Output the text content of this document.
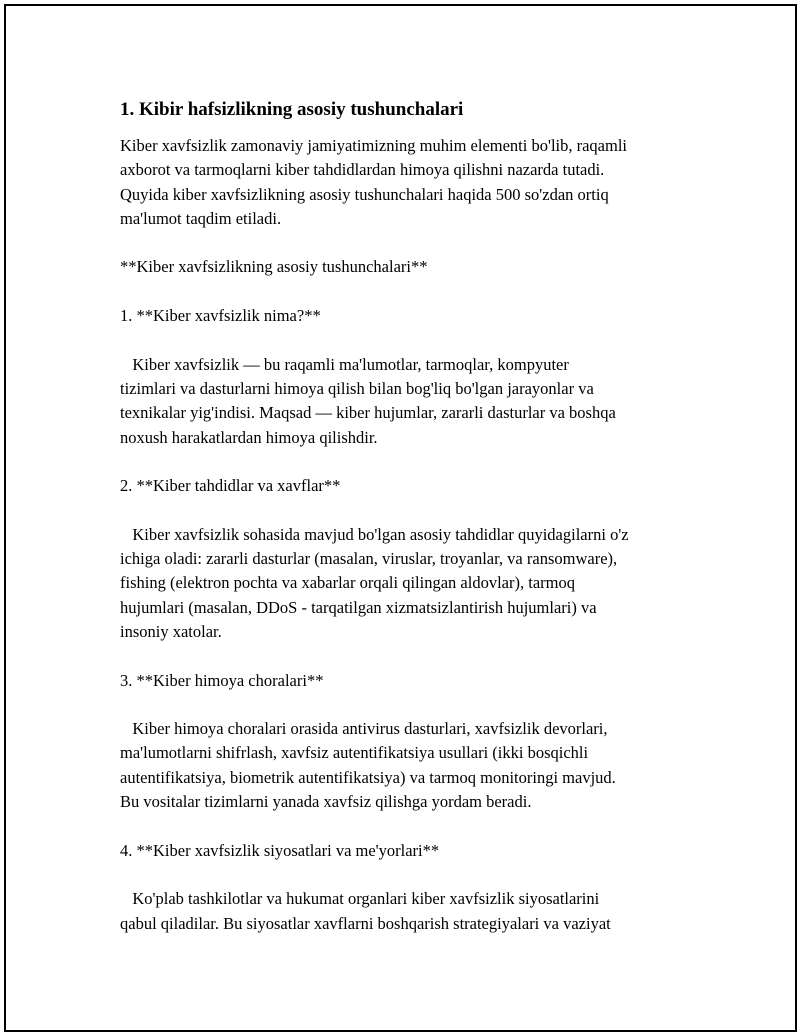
1. Kibir hafsizlikning asosiy tushunchalari
Kiber xavfsizlik zamonaviy jamiyatimizning muhim elementi bo'lib, raqamli
axborot va tarmoqlarni kiber tahdidlardan himoya qilishni nazarda tutadi.
Quyida kiber xavfsizlikning asosiy tushunchalari haqida 500 so'zdan ortiq
ma'lumot taqdim etiladi.
**Kiber xavfsizlikning asosiy tushunchalari**
1. **Kiber xavfsizlik nima?**
Kiber xavfsizlik — bu raqamli ma'lumotlar, tarmoqlar, kompyuter
tizimlari va dasturlarni himoya qilish bilan bog'liq bo'lgan jarayonlar va
texnikalar yig'indisi. Maqsad — kiber hujumlar, zararli dasturlar va boshqa
noxush harakatlardan himoya qilishdir.
2. **Kiber tahdidlar va xavflar**
Kiber xavfsizlik sohasida mavjud bo'lgan asosiy tahdidlar quyidagilarni o'z
ichiga oladi: zararli dasturlar (masalan, viruslar, troyanlar, va ransomware),
fishing (elektron pochta va xabarlar orqali qilingan aldovlar), tarmoq
hujumlari (masalan, DDoS - tarqatilgan xizmatsizlantirish hujumlari) va
insoniy xatolar.
3. **Kiber himoya choralari**
Kiber himoya choralari orasida antivirus dasturlari, xavfsizlik devorlari,
ma'lumotlarni shifrlash, xavfsiz autentifikatsiya usullari (ikki bosqichli
autentifikatsiya, biometrik autentifikatsiya) va tarmoq monitoringi mavjud.
Bu vositalar tizimlarni yanada xavfsiz qilishga yordam beradi.
4. **Kiber xavfsizlik siyosatlari va me'yorlari**
Ko'plab tashkilotlar va hukumat organlari kiber xavfsizlik siyosatlarini
qabul qiladilar. Bu siyosatlar xavflarni boshqarish strategiyalari va vaziyat
